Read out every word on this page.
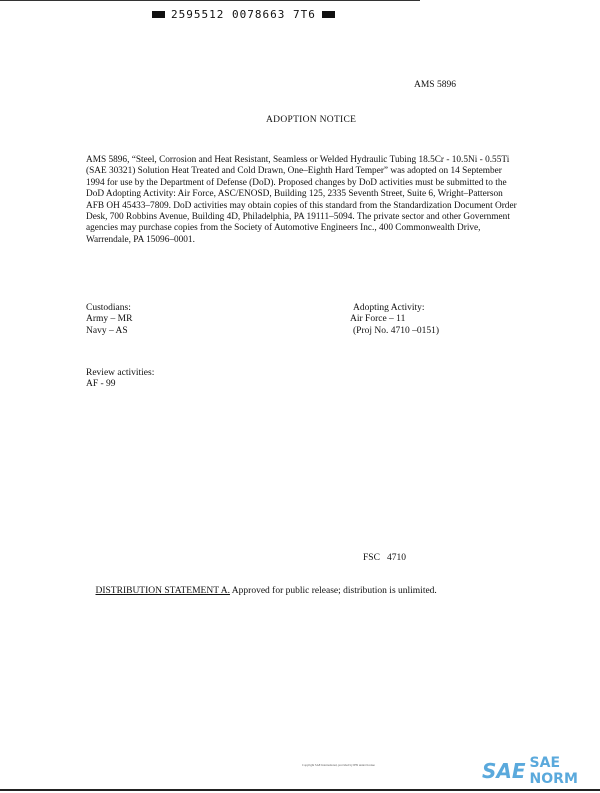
2595512 0078663 7T6
AMS 5896
ADOPTION NOTICE
AMS 5896, “Steel, Corrosion and Heat Resistant, Seamless or Welded Hydraulic Tubing 18.5Cr - 10.5Ni - 0.55Ti
(SAE 30321) Solution Heat Treated and Cold Drawn, One–Eighth Hard Temper” was adopted on 14 September
1994 for use by the Department of Defense (DoD). Proposed changes by DoD activities must be submitted to the
DoD Adopting Activity: Air Force, ASC/ENOSD, Building 125, 2335 Seventh Street, Suite 6, Wright–Patterson
AFB OH 45433–7809. DoD activities may obtain copies of this standard from the Standardization Document Order
Desk, 700 Robbins Avenue, Building 4D, Philadelphia, PA 19111–5094. The private sector and other Government
agencies may purchase copies from the Society of Automotive Engineers Inc., 400 Commonwealth Drive,
Warrendale, PA 15096–0001.
Custodians:
Army – MR
Navy – AS
Adopting Activity:
Air Force – 11
(Proj No. 4710 –0151)
Review activities:
AF - 99
FSC   4710

DISTRIBUTION STATEMENT A. Approved for public release; distribution is unlimited.

Copyright SAE International, provided by IHS under license	SAE SAE NORM
